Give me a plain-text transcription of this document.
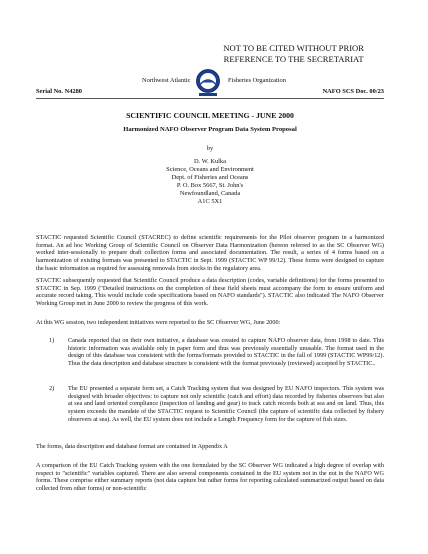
NOT TO BE CITED WITHOUT PRIOR
REFERENCE TO THE SECRETARIAT
Northwest Atlantic	Fisheries Organization
Serial No. N4280	NAFO SCS Doc. 00/23
SCIENTIFIC COUNCIL MEETING - JUNE 2000
Harmonized NAFO Observer Program Data System Proposal
by
D. W. Kulka
Science, Oceans and Environment
Dept. of Fisheries and Oceans
P. O. Box 5667, St. John's
Newfoundland, Canada
A1C 5X1
STACTIC requested Scientific Council (STACREC) to define scientific requirements for the Pilot observer program in a harmonized format. An ad hoc Working Group of Scientific Council on Observer Data Harmonization (hereon referred to as the SC Observer WG) worked inter-sessionally to prepare draft collection forms and associated documentation. The result, a series of 4 forms based on a harmonization of existing formats was presented to STACTIC in Sept. 1999 (STACTIC WP 99/12). These forms were designed to capture the basic information as required for assessing removals from stocks in the regulatory area.
STACTIC subsequently requested that Scientific Council produce a data description (codes, variable definitions) for the forms presented to STACTIC in Sep. 1999 ("Detailed instructions on the completion of these field sheets must accompany the form to ensure uniform and accurate record taking. This would include code specifications based on NAFO standards"). STACTIC also indicated The NAFO Observer Working Group met in June 2000 to review the progress of this work.
At this WG session, two independent initiatives were reported to the SC Observer WG, June 2000:
1) Canada reported that on their own initiative, a database was created to capture NAFO observer data, from 1998 to date. This historic information was available only in paper form and thus was previously essentially unusable. The format used in the design of this database was consistent with the forms/formats provided to STACTIC in the fall of 1999 (STACTIC WP99/12). Thus the data description and database structure is consistent with the format previously (reviewed) accepted by STACTIC..
2) The EU presented a separate form set, a Catch Tracking system that was designed by EU NAFO inspectors. This system was designed with broader objectives: to capture not only scientific (catch and effort) data recorded by fisheries observers but also at sea and land oriented compliance (inspection of landing and gear) to track catch records both at sea and on land. Thus, this system exceeds the mandate of the STACTIC request to Scientific Council (the capture of scientific data collected by fishery observers at sea). As well, the EU system does not include a Length Frequency form for the capture of fish sizes.
The forms, data description and database format are contained in Appendix A
A comparison of the EU Catch Tracking system with the one formulated by the SC Observer WG indicated a high degree of overlap with respect to "scientific" variables captured. There are also several components contained in the EU system not in the not in the NAFO WG forms. These comprise either summary reports (not data capture but rather forms for reporting calculated summarized output based on data collected from other forms) or non-scientific
